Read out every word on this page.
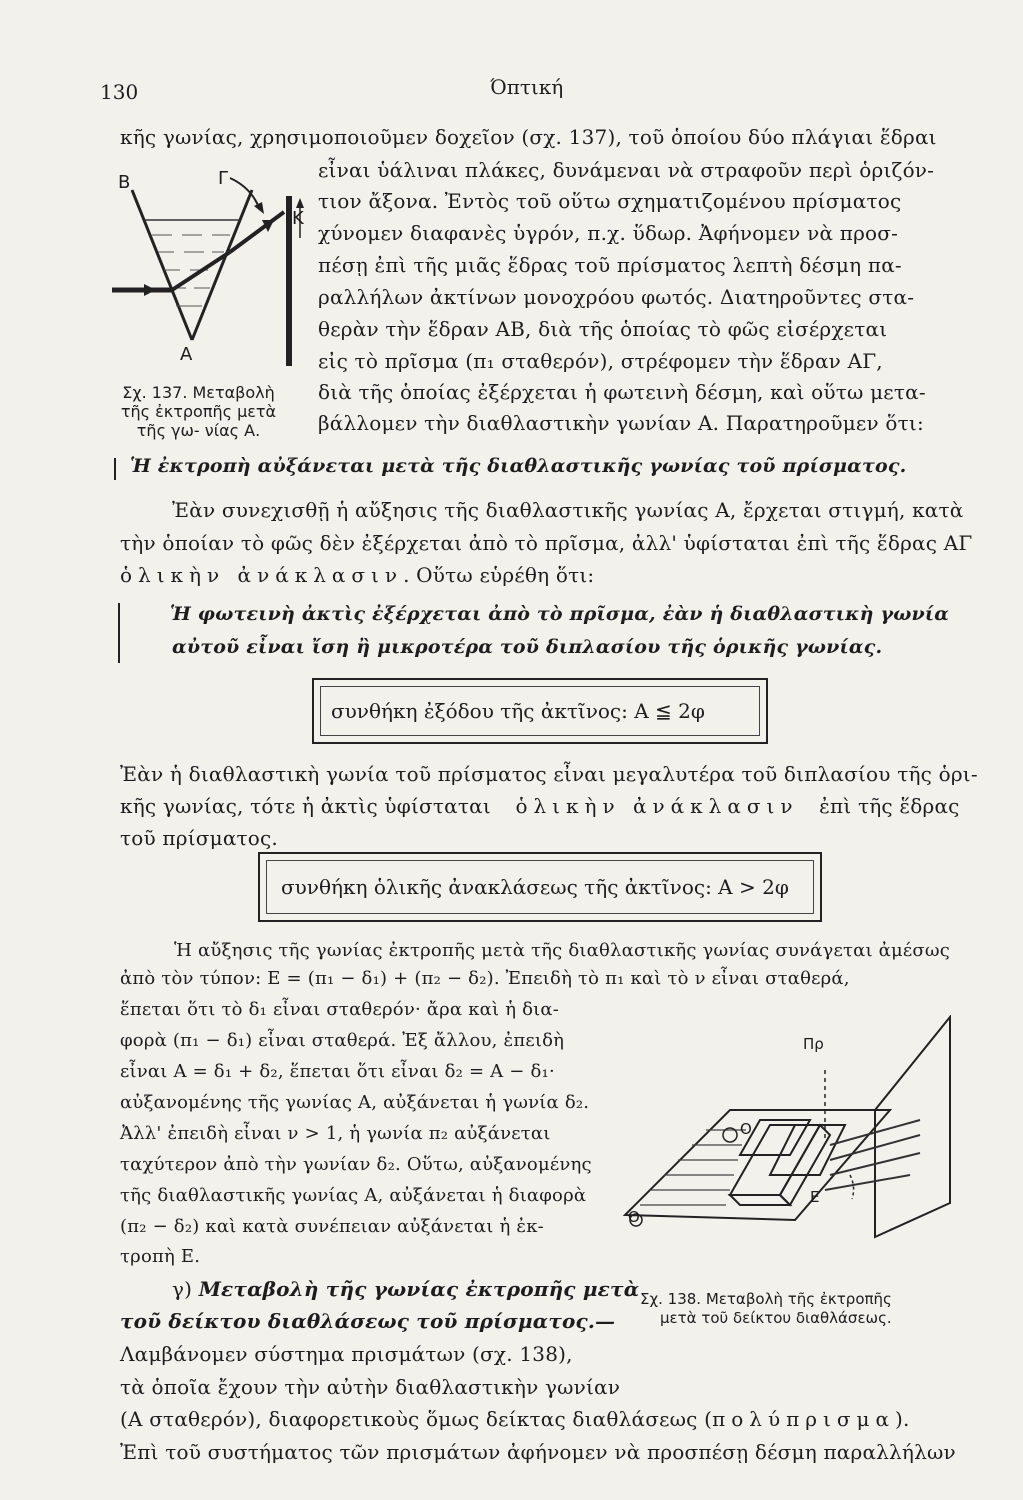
130	Όπτική
κῆς γωνίας, χρησιμοποιοῦμεν δοχεῖον (σχ. 137), τοῦ ὁποίου δύο πλάγιαι ἕδραι
εἶναι ὑάλιναι πλάκες, δυνάμεναι νὰ στραφοῦν περὶ ὁριζόν-
τιον ἄξονα. Ἐντὸς τοῦ οὕτω σχηματιζομένου πρίσματος
χύνομεν διαφανὲς ὑγρόν, π.χ. ὕδωρ. Ἀφήνομεν νὰ προσ-
πέσῃ ἐπὶ τῆς μιᾶς ἕδρας τοῦ πρίσματος λεπτὴ δέσμη πα-
ραλλήλων ἀκτίνων μονοχρόου φωτός. Διατηροῦντες στα-
θερὰν τὴν ἕδραν ΑΒ, διὰ τῆς ὁποίας τὸ φῶς εἰσέρχεται
εἰς τὸ πρῖσμα (π₁ σταθερόν), στρέφομεν τὴν ἕδραν ΑΓ,
διὰ τῆς ὁποίας ἐξέρχεται ἡ φωτεινὴ δέσμη, καὶ οὕτω μετα-
βάλλομεν τὴν διαθλαστικὴν γωνίαν Α. Παρατηροῦμεν ὅτι:
B	Γ
K
A
Σχ. 137. Μεταβολὴ τῆς ἐκτροπῆς μετὰ τῆς γω- νίας Α.
Ἡ ἐκτροπὴ αὐξάνεται μετὰ τῆς διαθλαστικῆς γωνίας τοῦ πρίσματος.
Ἐὰν συνεχισθῇ ἡ αὔξησις τῆς διαθλαστικῆς γωνίας Α, ἔρχεται στιγμή, κατὰ
τὴν ὁποίαν τὸ φῶς δὲν ἐξέρχεται ἀπὸ τὸ πρῖσμα, ἀλλ' ὑφίσταται ἐπὶ τῆς ἕδρας ΑΓ
ὁλικὴν ἀνάκλασιν. Οὕτω εὑρέθη ὅτι:
Ἡ φωτεινὴ ἀκτὶς ἐξέρχεται ἀπὸ τὸ πρῖσμα, ἐὰν ἡ διαθλαστικὴ γωνία
αὐτοῦ εἶναι ἴση ἢ μικροτέρα τοῦ διπλασίου τῆς ὁρικῆς γωνίας.
συνθήκη ἐξόδου τῆς ἀκτῖνος: Α ≦ 2φ
Ἐὰν ἡ διαθλαστικὴ γωνία τοῦ πρίσματος εἶναι μεγαλυτέρα τοῦ διπλασίου τῆς ὁρι-
κῆς γωνίας, τότε ἡ ἀκτὶς ὑφίσταται ὁλικὴν ἀνάκλασιν ἐπὶ τῆς ἕδρας
τοῦ πρίσματος.
συνθήκη ὁλικῆς ἀνακλάσεως τῆς ἀκτῖνος: Α > 2φ
Ἡ αὔξησις τῆς γωνίας ἐκτροπῆς μετὰ τῆς διαθλαστικῆς γωνίας συνάγεται ἀμέσως
ἀπὸ τὸν τύπον: Ε = (π₁ − δ₁) + (π₂ − δ₂). Ἐπειδὴ τὸ π₁ καὶ τὸ ν εἶναι σταθερά,
ἕπεται ὅτι τὸ δ₁ εἶναι σταθερόν· ἄρα καὶ ἡ δια-
φορὰ (π₁ − δ₁) εἶναι σταθερά. Ἐξ ἄλλου, ἐπειδὴ
εἶναι Α = δ₁ + δ₂, ἕπεται ὅτι εἶναι δ₂ = Α − δ₁·
αὐξανομένης τῆς γωνίας Α, αὐξάνεται ἡ γωνία δ₂.
Ἀλλ' ἐπειδὴ εἶναι ν > 1, ἡ γωνία π₂ αὐξάνεται
ταχύτερον ἀπὸ τὴν γωνίαν δ₂. Οὕτω, αὐξανομένης
τῆς διαθλαστικῆς γωνίας Α, αὐξάνεται ἡ διαφορὰ
(π₂ − δ₂) καὶ κατὰ συνέπειαν αὐξάνεται ἡ ἐκ-
τροπὴ Ε.
Πρ
O
O
E
γ) Μεταβολὴ τῆς γωνίας ἐκτροπῆς μετὰ
τοῦ δείκτου διαθλάσεως τοῦ πρίσματος.—
Λαμβάνομεν σύστημα πρισμάτων (σχ. 138),
τὰ ὁποῖα ἔχουν τὴν αὐτὴν διαθλαστικὴν γωνίαν
(Α σταθερόν), διαφορετικοὺς ὅμως δείκτας διαθλάσεως (πολύπρισμα).
Ἐπὶ τοῦ συστήματος τῶν πρισμάτων ἀφήνομεν νὰ προσπέσῃ δέσμη παραλλήλων
Σχ. 138. Μεταβολὴ τῆς ἐκτροπῆς
μετὰ τοῦ δείκτου διαθλάσεως.
